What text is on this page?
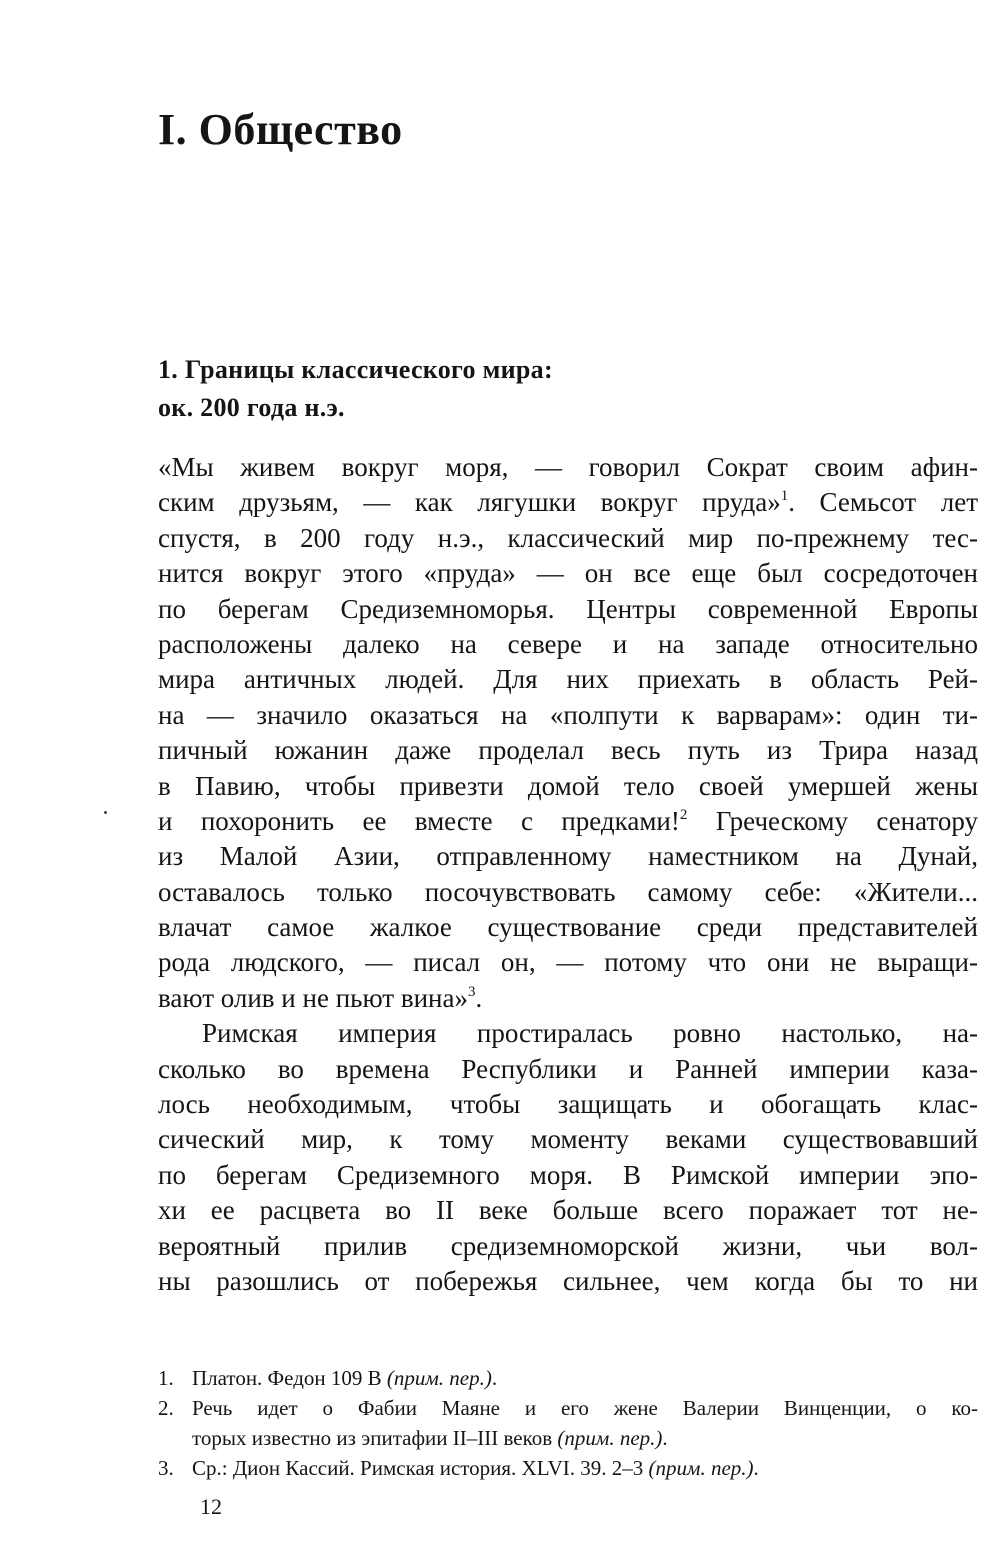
I. Общество
1. Границы классического мира:
ок. 200 года н.э.
«Мы живем вокруг моря, — говорил Сократ своим афин-
ским друзьям, — как лягушки вокруг пруда»$^1$. Семьсот лет
спустя, в 200 году н.э., классический мир по-прежнему тес-
нится вокруг этого «пруда» — он все еще был сосредоточен
по берегам Средиземноморья. Центры современной Европы
расположены далеко на севере и на западе относительно
мира античных людей. Для них приехать в область Рей-
на — значило оказаться на «полпути к варварам»: один ти-
пичный южанин даже проделал весь путь из Трира назад
в Павию, чтобы привезти домой тело своей умершей жены
и похоронить ее вместе с предками!$^2$ Греческому сенатору
из Малой Азии, отправленному наместником на Дунай,
оставалось только посочувствовать самому себе: «Жители...
влачат самое жалкое существование среди представителей
рода людского, — писал он, — потому что они не выращи-
вают олив и не пьют вина»$^3$.
Римская империя простиралась ровно настолько, на-
сколько во времена Республики и Ранней империи каза-
лось необходимым, чтобы защищать и обогащать клас-
сический мир, к тому моменту веками существовавший
по берегам Средиземного моря. В Римской империи эпо-
хи ее расцвета во II веке больше всего поражает тот не-
вероятный прилив средиземноморской жизни, чьи вол-
ны разошлись от побережья сильнее, чем когда бы то ни
1. Платон. Федон 109 B (прим. пер.).
2. Речь идет о Фабии Маяне и его жене Валерии Винценции, о ко-
торых известно из эпитафии II–III веков (прим. пер.).
3. Ср.: Дион Кассий. Римская история. XLVI. 39. 2–3 (прим. пер.).
12
